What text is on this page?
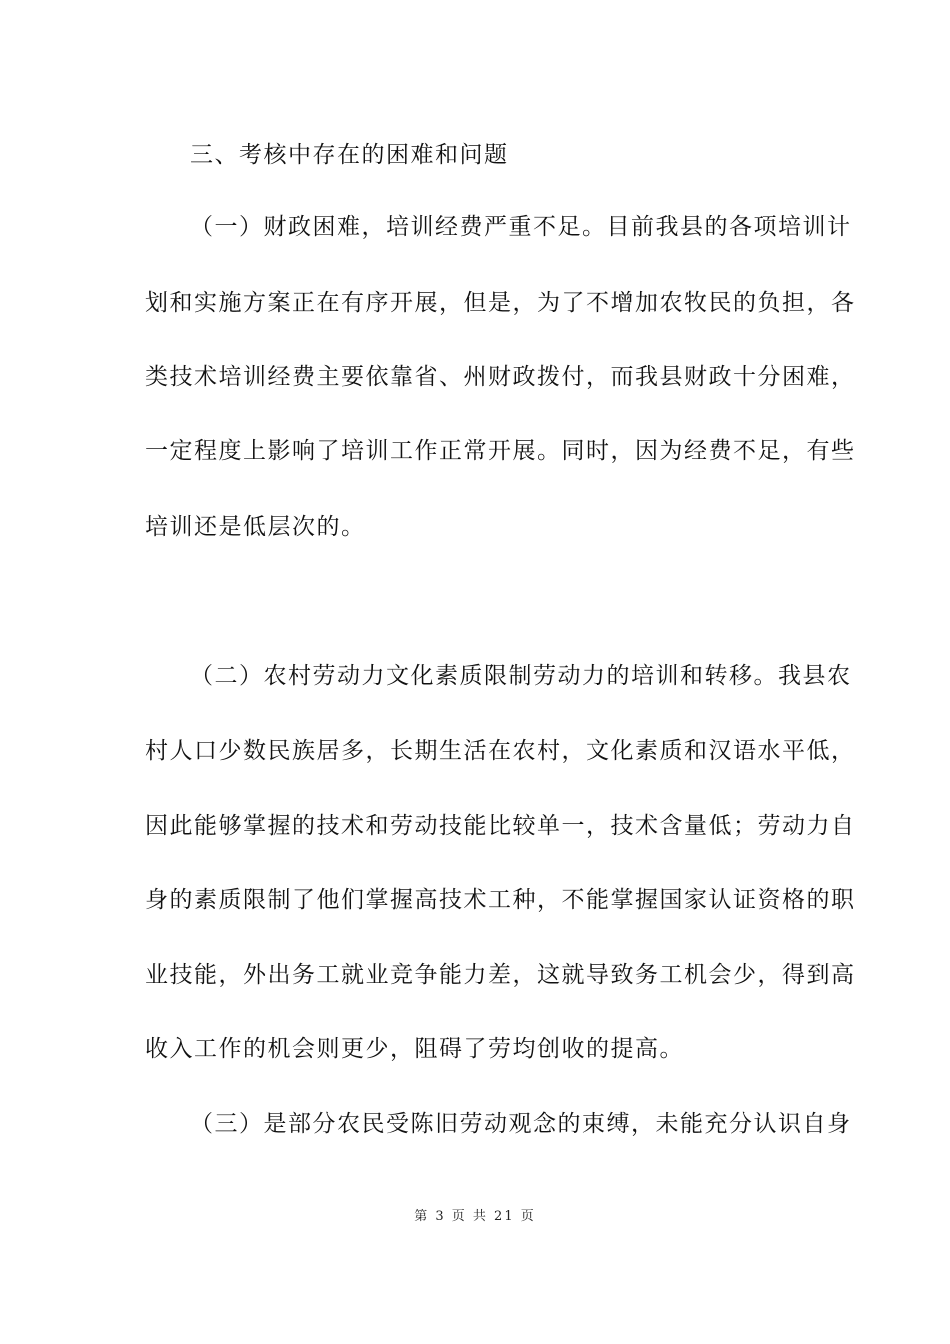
三、考核中存在的困难和问题
（一）财政困难，培训经费严重不足。目前我县的各项培训计
划和实施方案正在有序开展，但是，为了不增加农牧民的负担，各
类技术培训经费主要依靠省、州财政拨付，而我县财政十分困难，
一定程度上影响了培训工作正常开展。同时，因为经费不足，有些
培训还是低层次的。
（二）农村劳动力文化素质限制劳动力的培训和转移。我县农
村人口少数民族居多，长期生活在农村，文化素质和汉语水平低，
因此能够掌握的技术和劳动技能比较单一，技术含量低；劳动力自
身的素质限制了他们掌握高技术工种，不能掌握国家认证资格的职
业技能，外出务工就业竞争能力差，这就导致务工机会少，得到高
收入工作的机会则更少，阻碍了劳均创收的提高。
（三）是部分农民受陈旧劳动观念的束缚，未能充分认识自身
第 3 页 共 21 页
